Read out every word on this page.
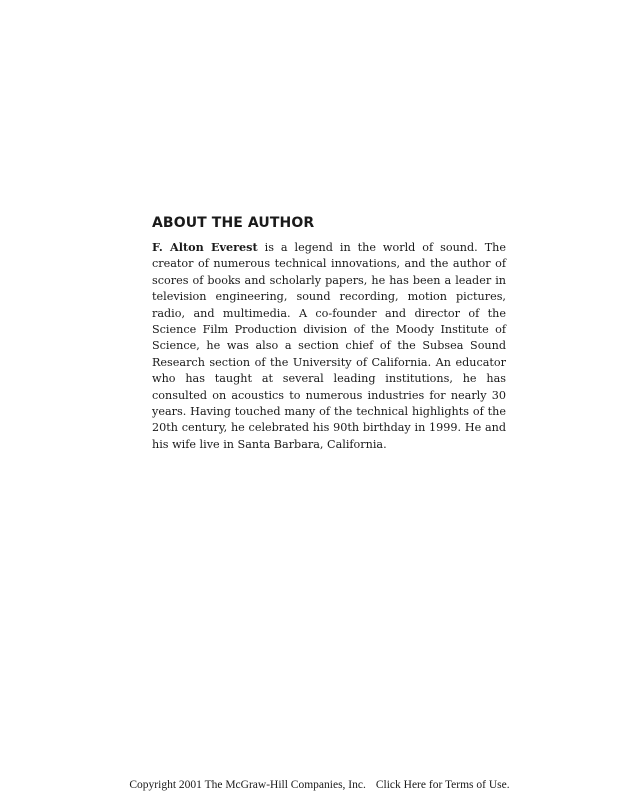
ABOUT THE AUTHOR

F. Alton Everest is a legend in the world of sound. The creator of numerous technical innovations, and the author of scores of books and scholarly papers, he has been a leader in television engineering, sound recording, motion pictures, radio, and multimedia. A co-founder and director of the Science Film Production division of the Moody Institute of Science, he was also a section chief of the Subsea Sound Research section of the University of California. An educator who has taught at several leading institutions, he has consulted on acoustics to numerous industries for nearly 30 years. Having touched many of the technical highlights of the 20th century, he celebrated his 90th birthday in 1999. He and his wife live in Santa Barbara, California.

Copyright 2001 The McGraw-Hill Companies, Inc. Click Here for Terms of Use.
